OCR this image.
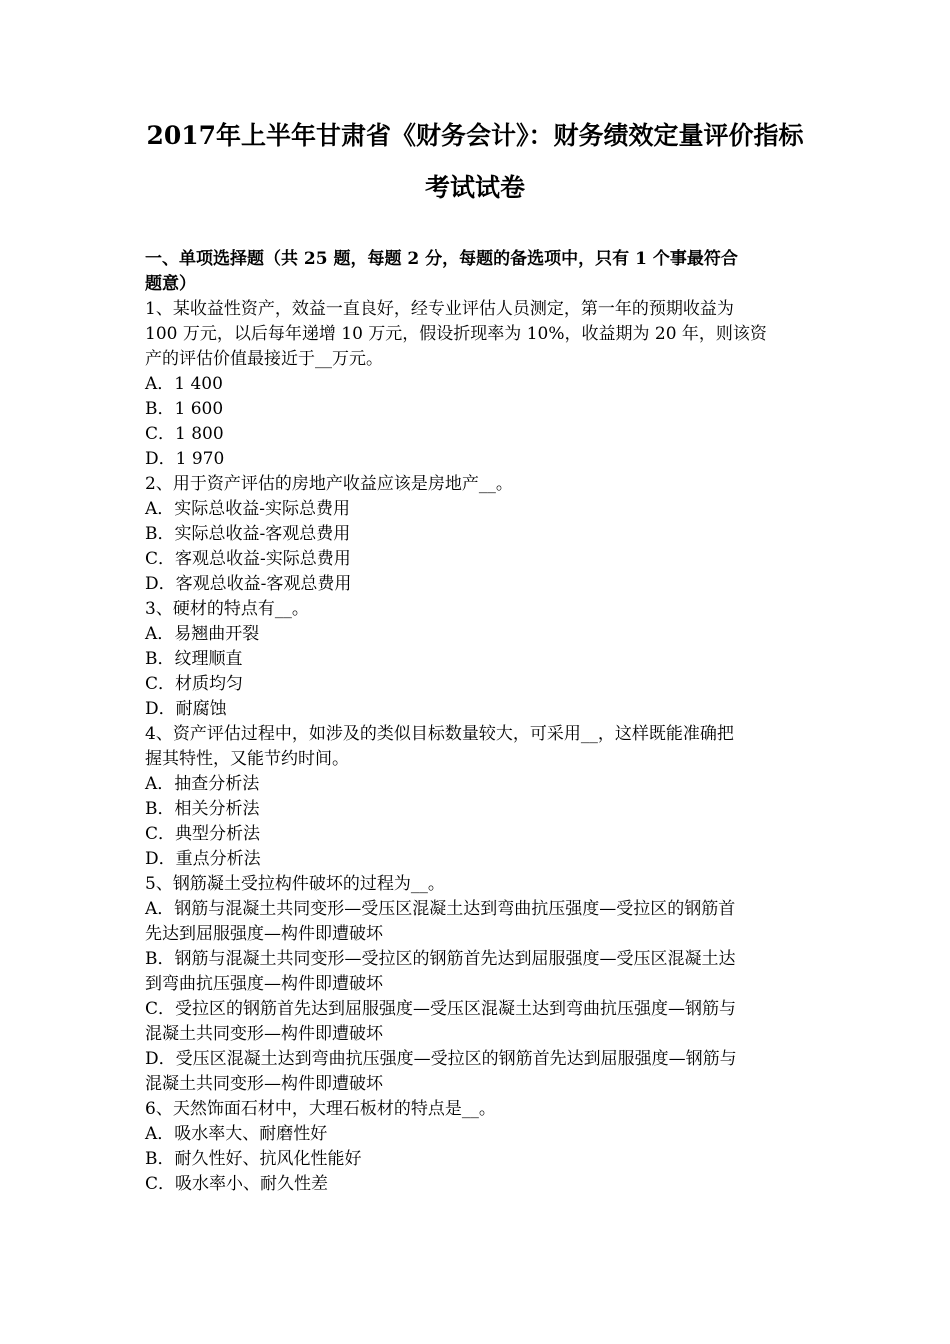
2017年上半年甘肃省《财务会计》：财务绩效定量评价指标
考试试卷
一、单项选择题（共 25 题，每题 2 分，每题的备选项中，只有 1 个事最符合
题意）
1、某收益性资产，效益一直良好，经专业评估人员测定，第一年的预期收益为
100 万元，以后每年递增 10 万元，假设折现率为 10%，收益期为 20 年，则该资
产的评估价值最接近于__万元。
A．1 400
B．1 600
C．1 800
D．1 970
2、用于资产评估的房地产收益应该是房地产__。
A．实际总收益-实际总费用
B．实际总收益-客观总费用
C．客观总收益-实际总费用
D．客观总收益-客观总费用
3、硬材的特点有__。
A．易翘曲开裂
B．纹理顺直
C．材质均匀
D．耐腐蚀
4、资产评估过程中，如涉及的类似目标数量较大，可采用__，这样既能准确把
握其特性，又能节约时间。
A．抽查分析法
B．相关分析法
C．典型分析法
D．重点分析法
5、钢筋凝土受拉构件破坏的过程为__。
A．钢筋与混凝土共同变形—受压区混凝土达到弯曲抗压强度—受拉区的钢筋首
先达到屈服强度—构件即遭破坏
B．钢筋与混凝土共同变形—受拉区的钢筋首先达到屈服强度—受压区混凝土达
到弯曲抗压强度—构件即遭破坏
C．受拉区的钢筋首先达到屈服强度—受压区混凝土达到弯曲抗压强度—钢筋与
混凝土共同变形—构件即遭破坏
D．受压区混凝土达到弯曲抗压强度—受拉区的钢筋首先达到屈服强度—钢筋与
混凝土共同变形—构件即遭破坏
6、天然饰面石材中，大理石板材的特点是__。
A．吸水率大、耐磨性好
B．耐久性好、抗风化性能好
C．吸水率小、耐久性差
